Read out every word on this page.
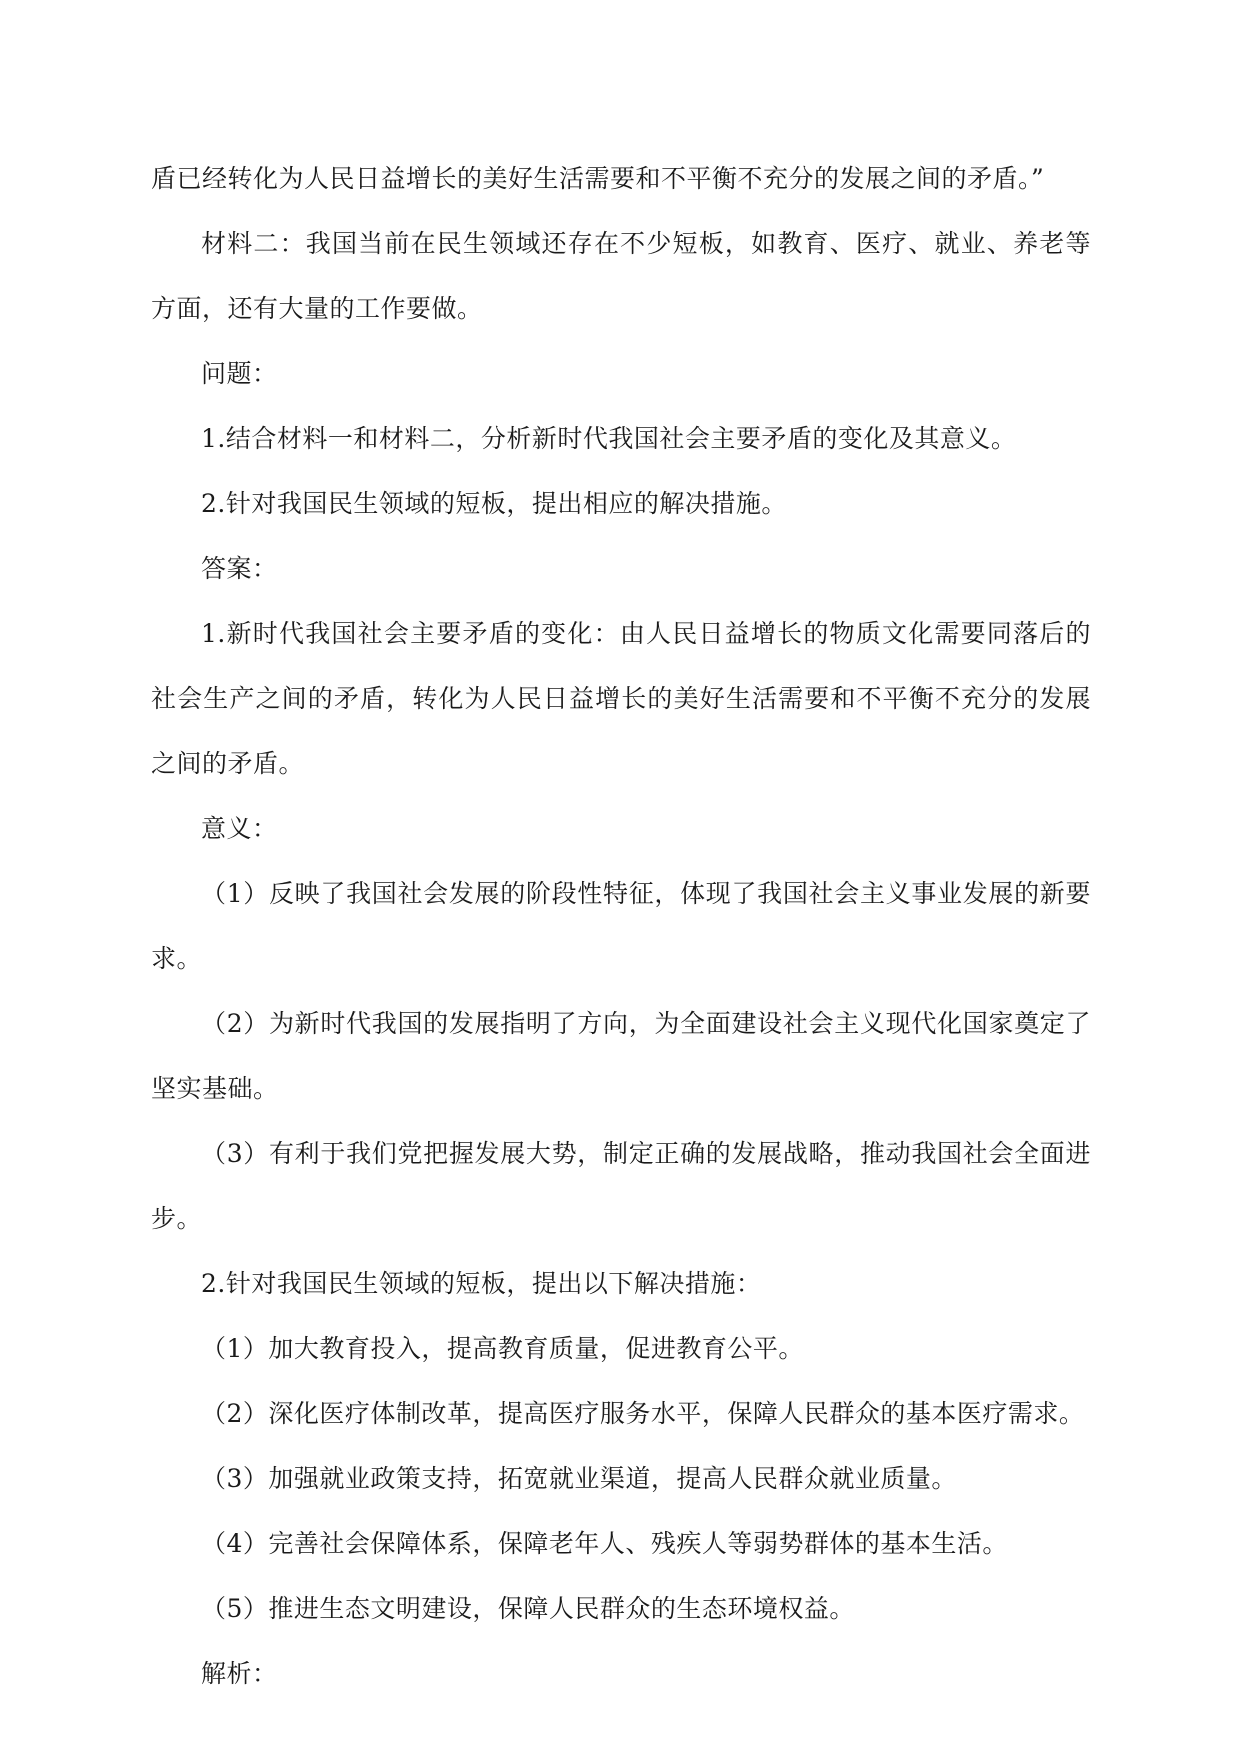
盾已经转化为人民日益增长的美好生活需要和不平衡不充分的发展之间的矛盾。”

材料二：我国当前在民生领域还存在不少短板，如教育、医疗、就业、养老等方面，还有大量的工作要做。

问题：

1.结合材料一和材料二，分析新时代我国社会主要矛盾的变化及其意义。

2.针对我国民生领域的短板，提出相应的解决措施。

答案：

1.新时代我国社会主要矛盾的变化：由人民日益增长的物质文化需要同落后的社会生产之间的矛盾，转化为人民日益增长的美好生活需要和不平衡不充分的发展之间的矛盾。

意义：

（1）反映了我国社会发展的阶段性特征，体现了我国社会主义事业发展的新要求。

（2）为新时代我国的发展指明了方向，为全面建设社会主义现代化国家奠定了坚实基础。

（3）有利于我们党把握发展大势，制定正确的发展战略，推动我国社会全面进步。

2.针对我国民生领域的短板，提出以下解决措施：

（1）加大教育投入，提高教育质量，促进教育公平。

（2）深化医疗体制改革，提高医疗服务水平，保障人民群众的基本医疗需求。

（3）加强就业政策支持，拓宽就业渠道，提高人民群众就业质量。

（4）完善社会保障体系，保障老年人、残疾人等弱势群体的基本生活。

（5）推进生态文明建设，保障人民群众的生态环境权益。

解析：
